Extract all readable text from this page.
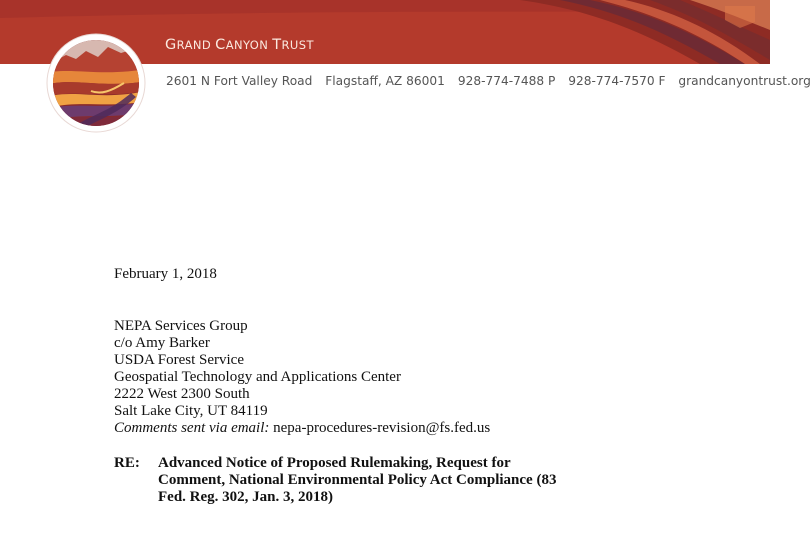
GRAND CANYON TRUST
2601 N Fort Valley Road Flagstaff, AZ 86001 928-774-7488 P 928-774-7570 F grandcanyontrust.org
February 1, 2018
NEPA Services Group
c/o Amy Barker
USDA Forest Service
Geospatial Technology and Applications Center
2222 West 2300 South
Salt Lake City, UT 84119
Comments sent via email: nepa-procedures-revision@fs.fed.us
RE: Advanced Notice of Proposed Rulemaking, Request for
Comment, National Environmental Policy Act Compliance (83
Fed. Reg. 302, Jan. 3, 2018)
